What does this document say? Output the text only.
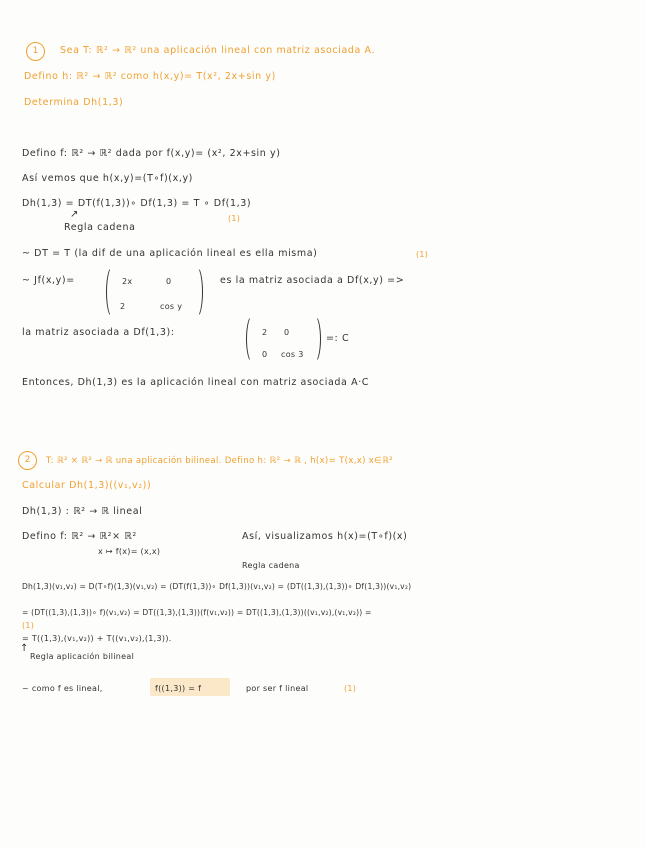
1	Sea T: ℝ² → ℝ² una aplicación lineal con matriz asociada A.
Defino h: ℝ² → ℝ² como h(x,y)= T(x², 2x+sin y)
Determina Dh(1,3)
Defino f: ℝ² → ℝ² dada por f(x,y)= (x², 2x+sin y)
Así vemos que h(x,y)=(T∘f)(x,y)
Dh(1,3) = DT(f(1,3))∘ Df(1,3) = T ∘ Df(1,3)
(1)
↗
Regla cadena
~ DT = T (la dif de una aplicación lineal es ella misma)	(1)
~ Jf(x,y)=	2x	0
2	cos y
es la matriz asociada a Df(x,y) =>
la matriz asociada a Df(1,3):	2 0
0 cos 3
=: C
Entonces, Dh(1,3) es la aplicación lineal con matriz asociada A·C
2	T: ℝ² × ℝ² → ℝ una aplicación bilineal. Defino h: ℝ² → ℝ , h(x)= T(x,x) x∈ℝ²
Calcular Dh(1,3)((v₁,v₂))
Dh(1,3) : ℝ² → ℝ lineal
Defino f: ℝ² → ℝ²× ℝ²	Así, visualizamos h(x)=(T∘f)(x)
x ↦ f(x)= (x,x)
Regla cadena
Dh(1,3)(v₁,v₂) = D(T∘f)(1,3)(v₁,v₂) = (DT(f(1,3))∘ Df(1,3))(v₁,v₂) = (DT((1,3),(1,3))∘ Df(1,3))(v₁,v₂)
= (DT((1,3),(1,3))∘ f)(v₁,v₂) = DT((1,3),(1,3))(f(v₁,v₂)) = DT((1,3),(1,3))((v₁,v₂),(v₁,v₂)) =
(1)
= T((1,3),(v₁,v₂)) + T((v₁,v₂),(1,3)).
↑
Regla aplicación bilineal
~ como f es lineal,	f((1,3)) = f	por ser f lineal	(1)
